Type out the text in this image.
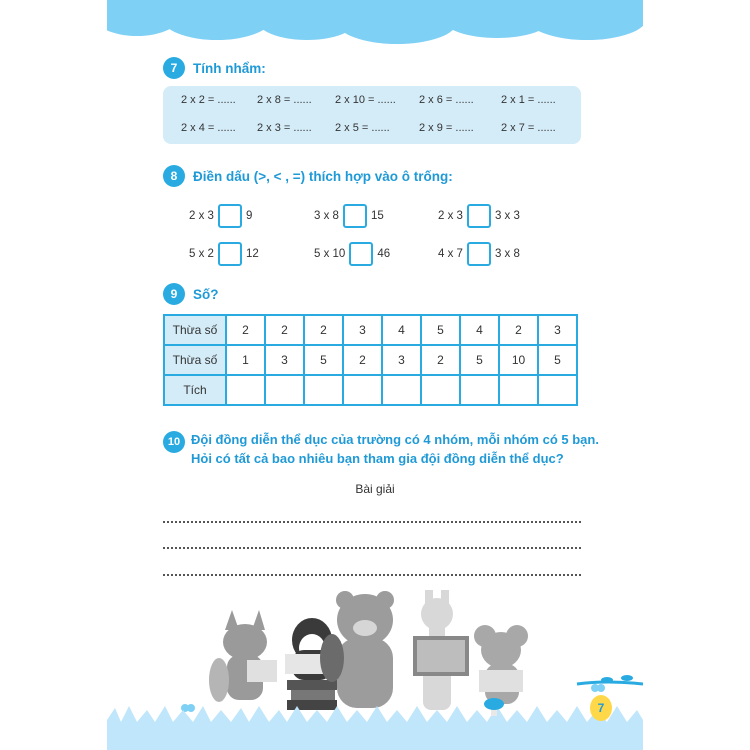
7	Tính nhẩm:
2 x 2 = ...... 2 x 8 = ...... 2 x 10 = ...... 2 x 6 = ...... 2 x 1 = ......
2 x 4 = ...... 2 x 3 = ...... 2 x 5 = ......	2 x 9 = ...... 2 x 7 = ......
8	Điền dấu (>, < , =) thích hợp vào ô trống:
2 x 3	9	3 x 8	15	2 x 3	3 x 3
5 x 2	12	5 x 10	46	4 x 7	3 x 8
9	Số?
Thừa số	2	2	2	3	4	5	4	2	3
Thừa số	1	3	5	2	3	2	5	10	5
Tích									
10 Đội đồng diễn thể dục của trường có 4 nhóm, mỗi nhóm có 5 bạn.
Hỏi có tất cả bao nhiêu bạn tham gia đội đồng diễn thể dục?
Bài giải
7
